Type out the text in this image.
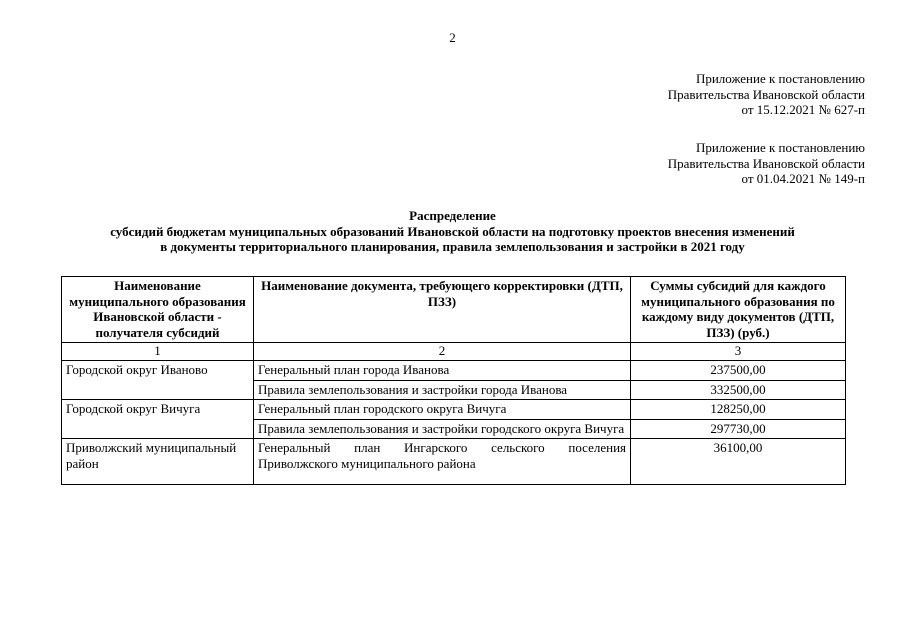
2
Приложение к постановлению
Правительства Ивановской области
от 15.12.2021 № 627-п
Приложение к постановлению
Правительства Ивановской области
от 01.04.2021 № 149-п
Распределение
субсидий бюджетам муниципальных образований Ивановской области на подготовку проектов внесения изменений
в документы территориального планирования, правила землепользования и застройки в 2021 году
Наименование муниципального образования Ивановской области - получателя субсидий	Наименование документа, требующего корректировки (ДТП, ПЗЗ)	Суммы субсидий для каждого муниципального образования по каждому виду документов (ДТП, ПЗЗ) (руб.)
1	2	3
Городской округ Иваново	Генеральный план города Иванова	237500,00
	Правила землепользования и застройки города Иванова	332500,00
Городской округ Вичуга	Генеральный план городского округа Вичуга	128250,00
	Правила землепользования и застройки городского округа Вичуга	297730,00
Приволжский муниципальный район	Генеральный план Ингарского сельского поселения Приволжского муниципального района	36100,00
